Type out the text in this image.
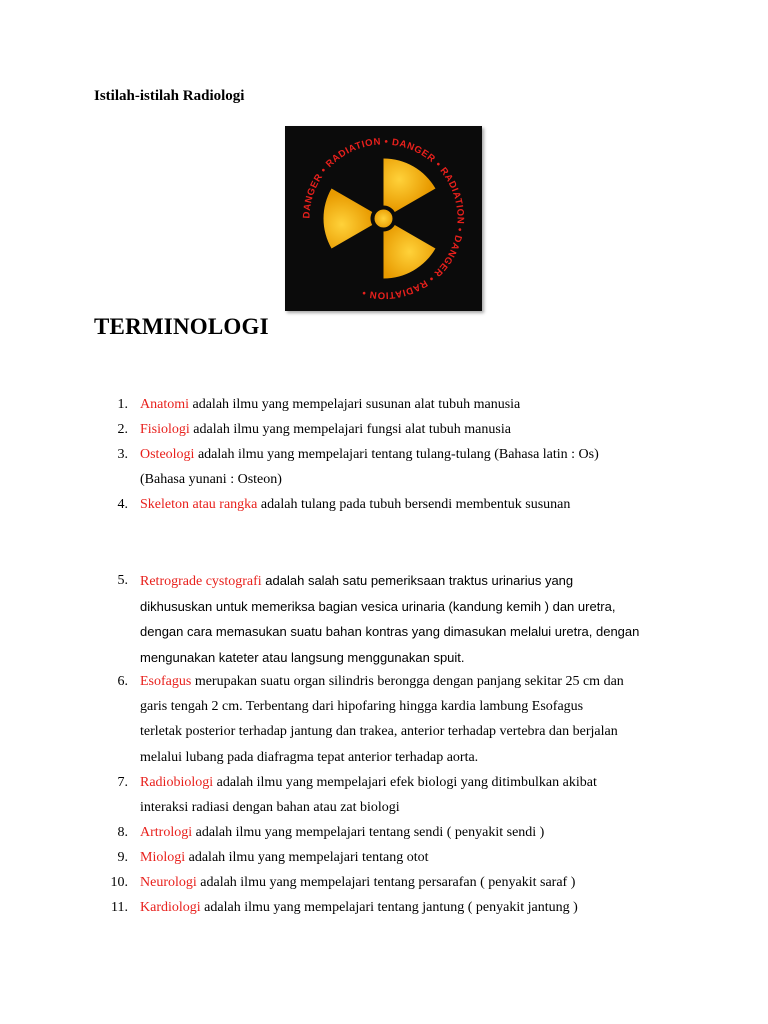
Istilah-istilah Radiologi
DANGER • RADIATION • DANGER • RADIATION • DANGER • RADIATION •
TERMINOLOGI
1. Anatomi adalah ilmu yang mempelajari susunan alat tubuh manusia
2. Fisiologi adalah ilmu yang mempelajari fungsi alat tubuh manusia
3. Osteologi adalah ilmu yang mempelajari tentang tulang-tulang (Bahasa latin : Os)
(Bahasa yunani : Osteon)
4. Skeleton atau rangka adalah tulang pada tubuh bersendi membentuk susunan
5. Retrograde cystografi adalah salah satu pemeriksaan traktus urinarius yang
dikhususkan untuk memeriksa bagian vesica urinaria (kandung kemih ) dan uretra,
dengan cara memasukan suatu bahan kontras yang dimasukan melalui uretra, dengan
mengunakan kateter atau langsung menggunakan spuit.
6. Esofagus merupakan suatu organ silindris berongga dengan panjang sekitar 25 cm dan
garis tengah 2 cm. Terbentang dari hipofaring hingga kardia lambung Esofagus
terletak posterior terhadap jantung dan trakea, anterior terhadap vertebra dan berjalan
melalui lubang pada diafragma tepat anterior terhadap aorta.
7. Radiobiologi adalah ilmu yang mempelajari efek biologi yang ditimbulkan akibat
interaksi radiasi dengan bahan atau zat biologi
8. Artrologi adalah ilmu yang mempelajari tentang sendi ( penyakit sendi )
9. Miologi adalah ilmu yang mempelajari tentang otot
10. Neurologi adalah ilmu yang mempelajari tentang persarafan ( penyakit saraf )
11. Kardiologi adalah ilmu yang mempelajari tentang jantung ( penyakit jantung )
